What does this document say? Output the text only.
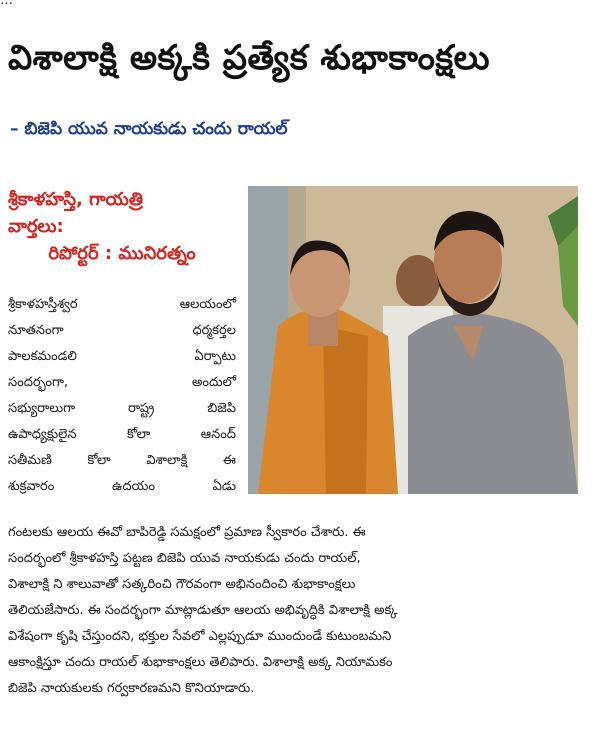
…
విశాలాక్షి అక్కకి ప్రత్యేక శుభాకాంక్షలు
– బిజెపి యువ నాయకుడు చందు రాయల్
శ్రీకాళహస్తి, గాయత్రి
వార్తలు:
రిపోర్టర్ : మునిరత్నం
శ్రీకాళహస్తీశ్వర	ఆలయంలో
నూతనంగా	ధర్మకర్తల
పాలకమండలి	ఏర్పాటు
సందర్భంగా,	అందులో
సభ్యురాలుగా	రాష్ట్ర	బిజెపి
ఉపాధ్యక్షులైన	కోలా	ఆనంద్
సతీమణి	కోలా	విశాలాక్షి	ఈ
శుక్రవారం	ఉదయం	ఏడు
గంటలకు ఆలయ ఈవో బాపిరెడ్డి సమక్షంలో ప్రమాణ స్వీకారం చేశారు. ఈ
సందర్భంలో శ్రీకాళహస్తి పట్టణ బిజెపి యువ నాయకుడు చందు రాయల్,
విశాలాక్షి ని శాలువాతో సత్కరించి గౌరవంగా అభినందించి శుభాకాంక్షలు
తెలియజేసారు. ఈ సందర్భంగా మాట్లాడుతూ ఆలయ అభివృద్ధికి విశాలాక్షి అక్క
విశేషంగా కృషి చేస్తుందని, భక్తుల సేవలో ఎల్లప్పుడూ ముందుండే కుటుంబమని
ఆకాంక్షిస్తూ చందు రాయల్ శుభాకాంక్షలు తెలిపారు. విశాలాక్షి అక్క నియామకం
బిజెపి నాయకులకు గర్వకారణమని కొనియాడారు.
